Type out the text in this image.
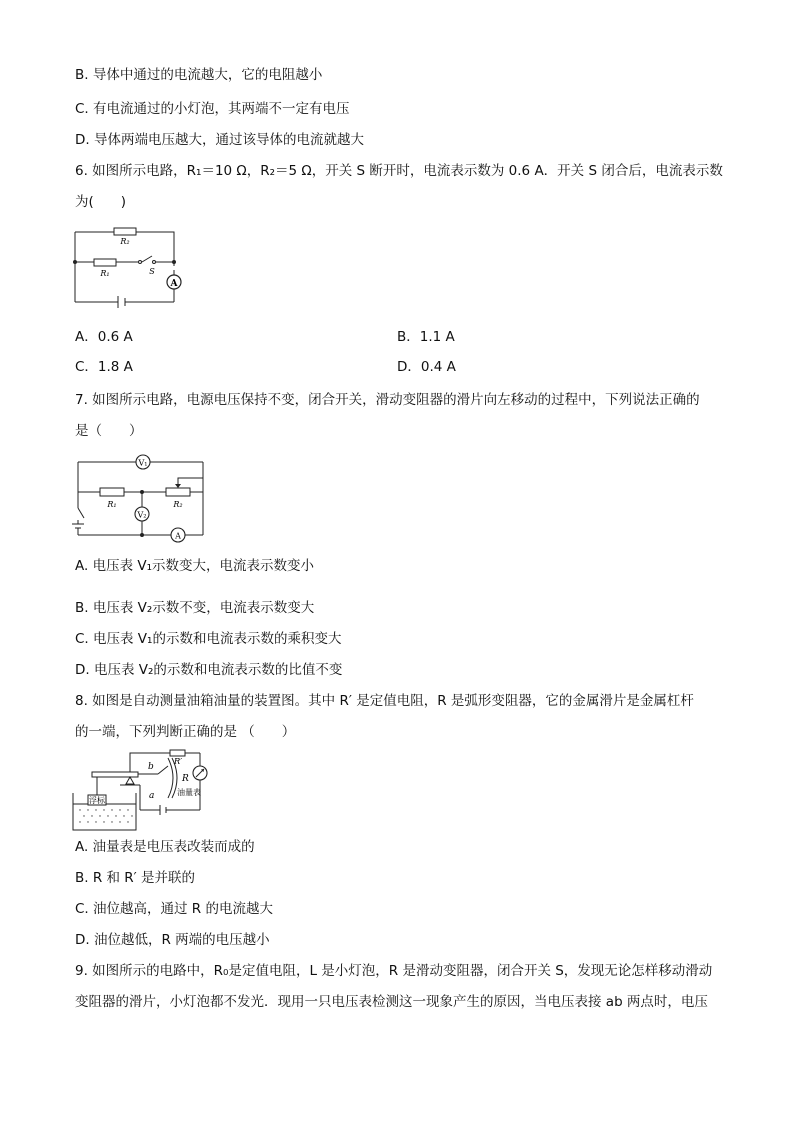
B. 导体中通过的电流越大，它的电阻越小
C. 有电流通过的小灯泡，其两端不一定有电压
D. 导体两端电压越大，通过该导体的电流就越大
6. 如图所示电路，R₁＝10 Ω，R₂＝5 Ω，开关 S 断开时，电流表示数为 0.6 A．开关 S 闭合后，电流表示数
为(　　)
A
R₂
R₁	S
A．0.6 A	B．1.1 A
C．1.8 A	D．0.4 A
7. 如图所示电路，电源电压保持不变，闭合开关，滑动变阻器的滑片向左移动的过程中，下列说法正确的
是（　　）
V₁
V₂
A
R₁	R₂
A. 电压表 V₁示数变大，电流表示数变小
B. 电压表 V₂示数不变，电流表示数变大
C. 电压表 V₁的示数和电流表示数的乘积变大
D. 电压表 V₂的示数和电流表示数的比值不变
8. 如图是自动测量油箱油量的装置图。其中 R′ 是定值电阻，R 是弧形变阻器，它的金属滑片是金属杠杆
的一端，下列判断正确的是 （　　）
R′
R
b
a
浮标
油量表
A. 油量表是电压表改装而成的
B. R 和 R′ 是并联的
C. 油位越高，通过 R 的电流越大
D. 油位越低，R 两端的电压越小
9. 如图所示的电路中，R₀是定值电阻，L 是小灯泡，R 是滑动变阻器，闭合开关 S，发现无论怎样移动滑动
变阻器的滑片，小灯泡都不发光．现用一只电压表检测这一现象产生的原因，当电压表接 ab 两点时，电压
